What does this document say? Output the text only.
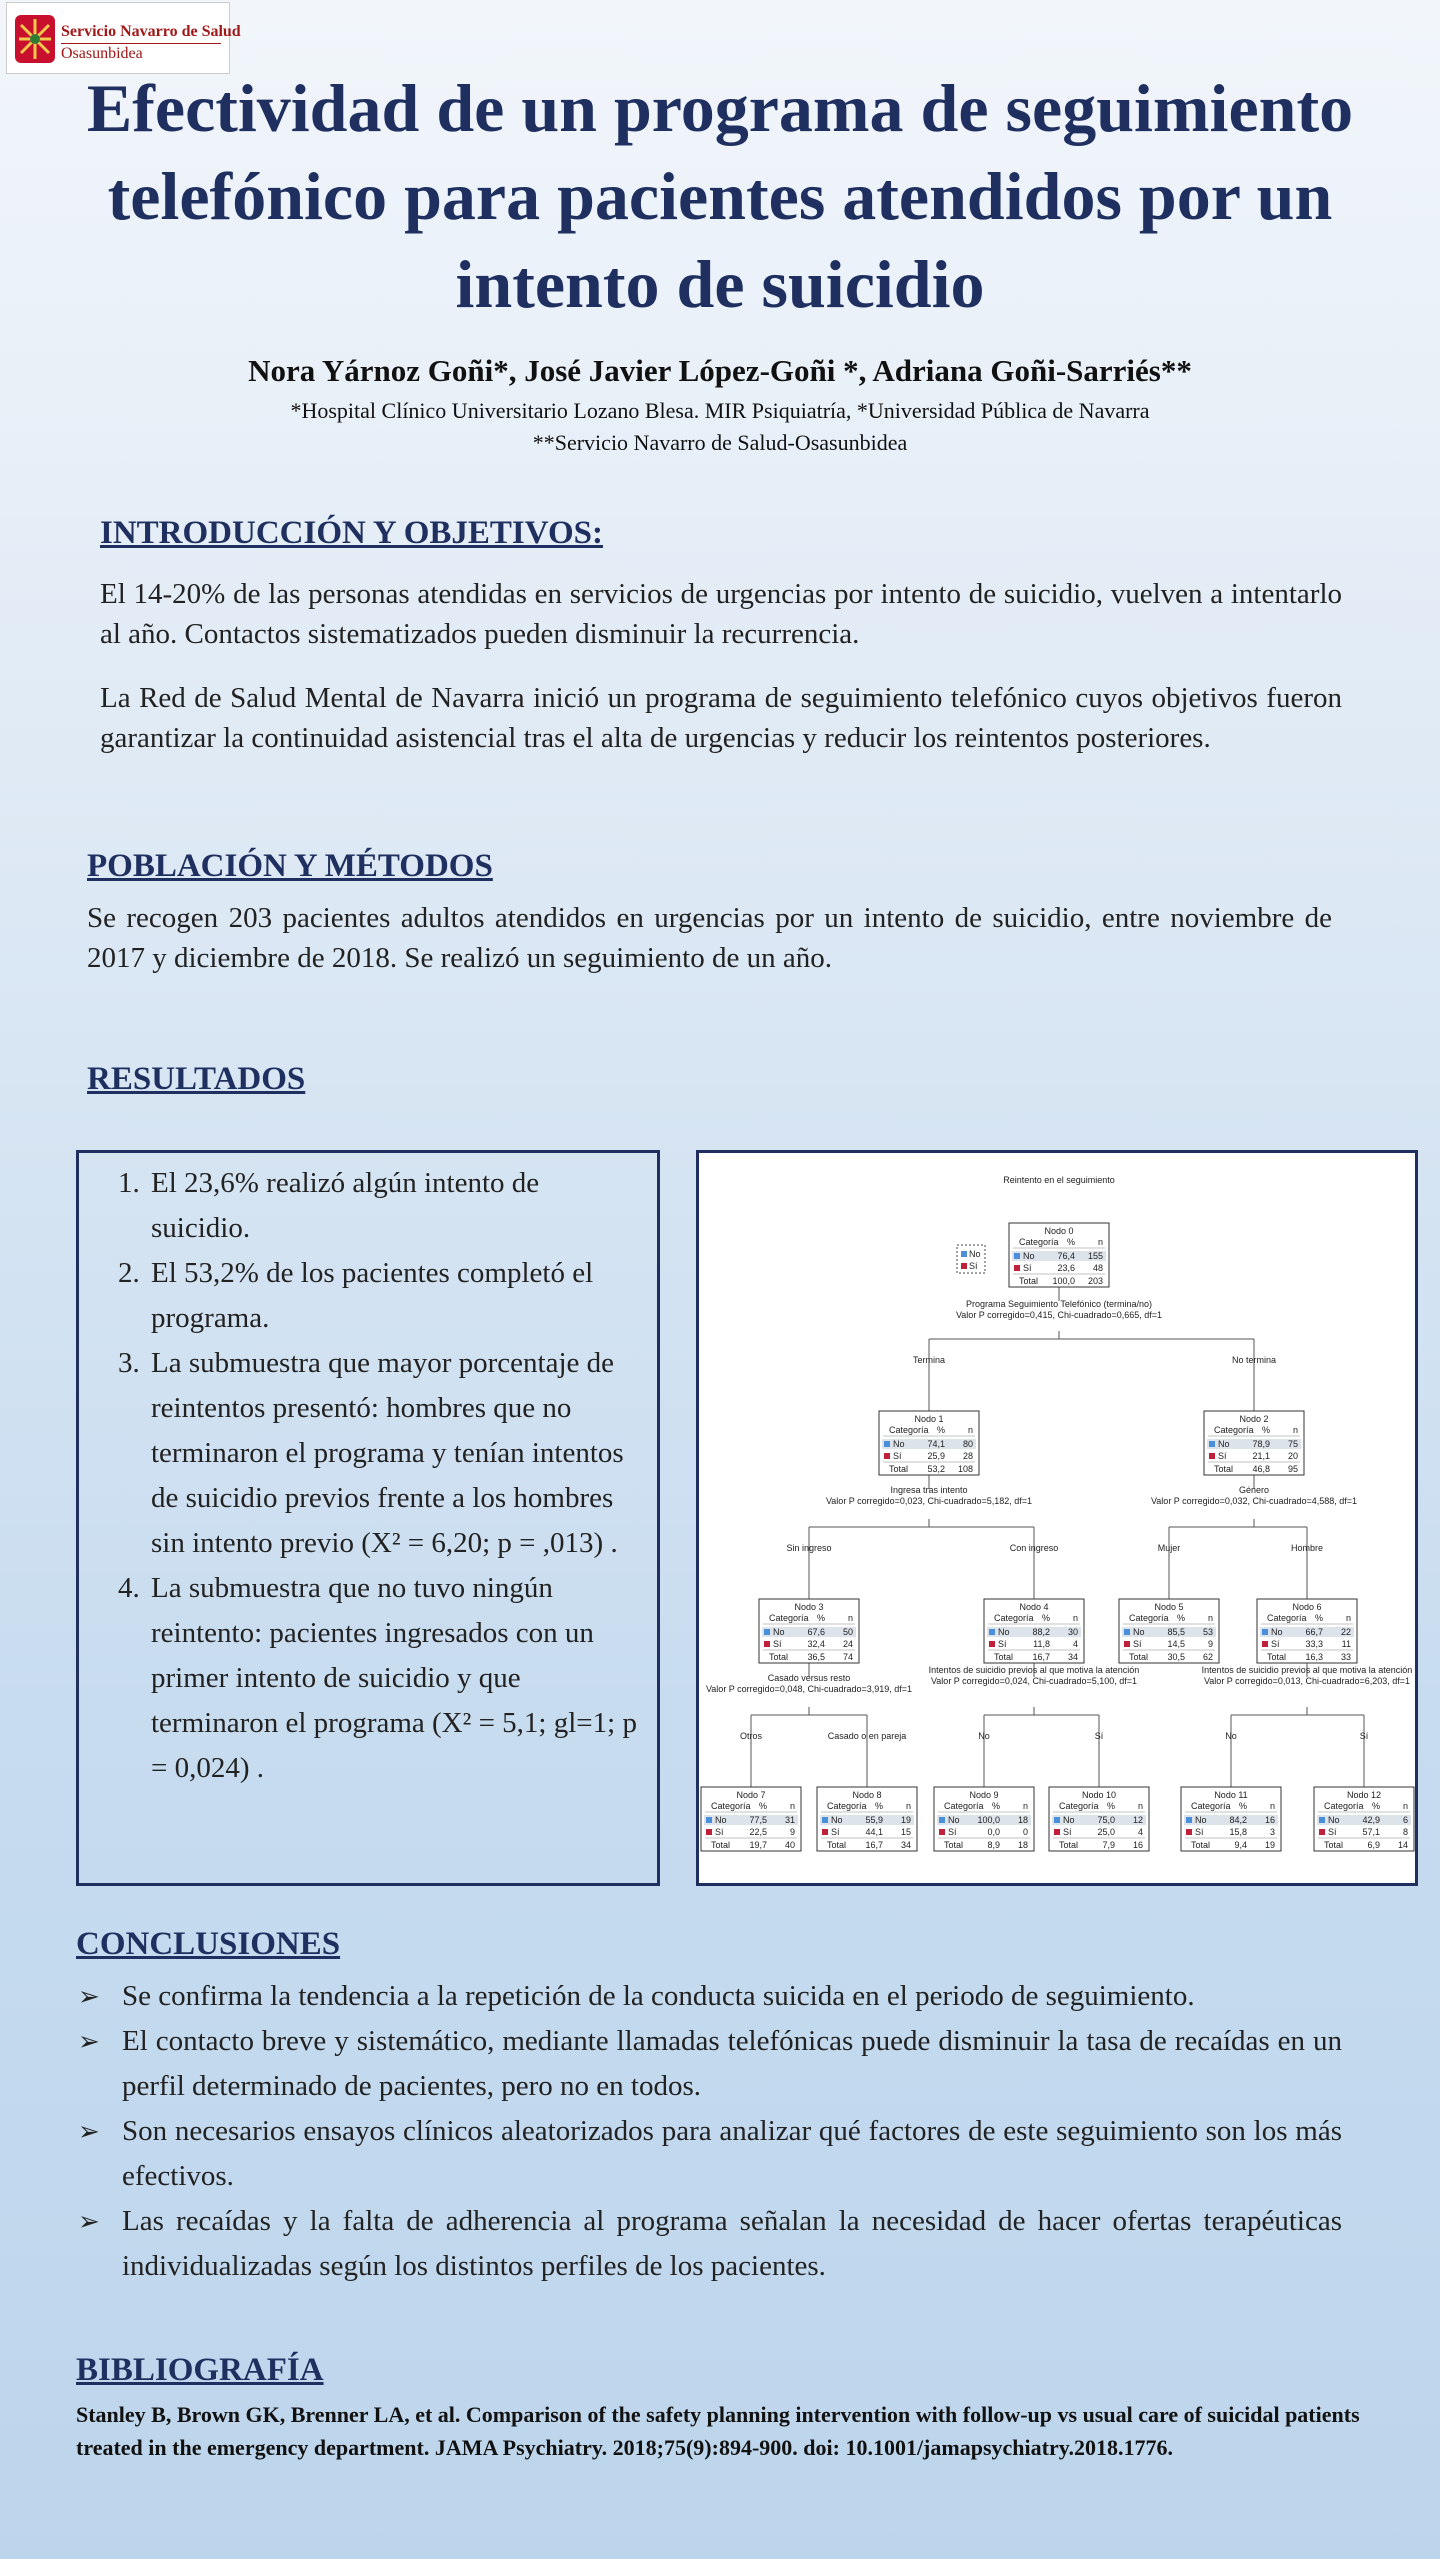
Servicio Navarro de Salud
Osasunbidea
Efectividad de un programa de seguimiento telefónico para pacientes atendidos por un intento de suicidio
Nora Yárnoz Goñi*, José Javier López-Goñi *, Adriana Goñi-Sarriés**
*Hospital Clínico Universitario Lozano Blesa. MIR Psiquiatría, *Universidad Pública de Navarra
**Servicio Navarro de Salud-Osasunbidea
INTRODUCCIÓN Y OBJETIVOS:

El 14-20% de las personas atendidas en servicios de urgencias por intento de suicidio, vuelven a intentarlo al año. Contactos sistematizados pueden disminuir la recurrencia.

La Red de Salud Mental de Navarra inició un programa de seguimiento telefónico cuyos objetivos fueron garantizar la continuidad asistencial tras el alta de urgencias y reducir los reintentos posteriores.

POBLACIÓN Y MÉTODOS

Se recogen 203 pacientes adultos atendidos en urgencias por un intento de suicidio, entre noviembre de 2017 y diciembre de 2018. Se realizó un seguimiento de un año.

RESULTADOS
1. El 23,6% realizó algún intento de suicidio.
2. El 53,2% de los pacientes completó el programa.
3. La submuestra que mayor porcentaje de reintentos presentó: hombres que no terminaron el programa y tenían intentos de suicidio previos frente a los hombres sin intento previo (X² = 6,20; p = ,013) .
4. La submuestra que no tuvo ningún reintento: pacientes ingresados con un primer intento de suicidio y que terminaron el programa (X² = 5,1; gl=1; p = 0,024) .
Reintento en el seguimiento
No
Sí
Programa Seguimiento Telefónico (termina/no)
Valor P corregido=0,415, Chi-cuadrado=0,665, df=1
Ingresa tras intento
Valor P corregido=0,023, Chi-cuadrado=5,182, df=1
Género
Valor P corregido=0,032, Chi-cuadrado=4,588, df=1
Casado versus resto
Valor P corregido=0,048, Chi-cuadrado=3,919, df=1
Intentos de suicidio previos al que motiva la atención
Valor P corregido=0,024, Chi-cuadrado=5,100, df=1
Intentos de suicidio previos al que motiva la atención
Valor P corregido=0,013, Chi-cuadrado=6,203, df=1
Termina	No termina
Sin ingreso	Con ingreso	Mujer	Hombre
Otros	Casado o en pareja	No	Sí	No	Sí
Nodo 0
Categoría %	n
No	76,4 155
Sí	23,6 48
Total 100,0 203
Nodo 1
Categoría %	n
No	74,1 80
Sí	25,9 28
Total 53,2 108
Nodo 2
Categoría %	n
No	78,9 75
Sí	21,1 20
Total 46,8 95
Nodo 3
Categoría %	n
No	67,6 50
Sí	32,4 24
Total 36,5 74
Nodo 4
Categoría %	n
No	88,2 30
Sí	11,8	4
Total 16,7 34
Nodo 5
Categoría %	n
No	85,5 53
Sí	14,5	9
Total 30,5 62
Nodo 6
Categoría %	n
No	66,7 22
Sí	33,3 11
Total 16,3 33
Nodo 7
Categoría %	n
No	77,5 31
Sí	22,5	9
Total 19,7 40
Nodo 8
Categoría %	n
No	55,9 19
Sí	44,1 15
Total 16,7 34
Nodo 9
Categoría %	n
No 100,0 18
Sí	0,0	0
Total	8,9 18
Nodo 10
Categoría %	n
No	75,0 12
Sí	25,0	4
Total	7,9 16
Nodo 11
Categoría %	n
No	84,2 16
Sí	15,8	3
Total	9,4 19
Nodo 12
Categoría %	n
No	42,9	6
Sí	57,1	8
Total	6,9 14
CONCLUSIONES
➢ Se confirma la tendencia a la repetición de la conducta suicida en el periodo de seguimiento.
➢ El contacto breve y sistemático, mediante llamadas telefónicas puede disminuir la tasa de recaídas en un perfil determinado de pacientes, pero no en todos.
➢ Son necesarios ensayos clínicos aleatorizados para analizar qué factores de este seguimiento son los más efectivos.
➢ Las recaídas y la falta de adherencia al programa señalan la necesidad de hacer ofertas terapéuticas individualizadas según los distintos perfiles de los pacientes.
BIBLIOGRAFÍA
Stanley B, Brown GK, Brenner LA, et al. Comparison of the safety planning intervention with follow-up vs usual care of suicidal patients treated in the emergency department. JAMA Psychiatry. 2018;75(9):894-900. doi: 10.1001/jamapsychiatry.2018.1776.
